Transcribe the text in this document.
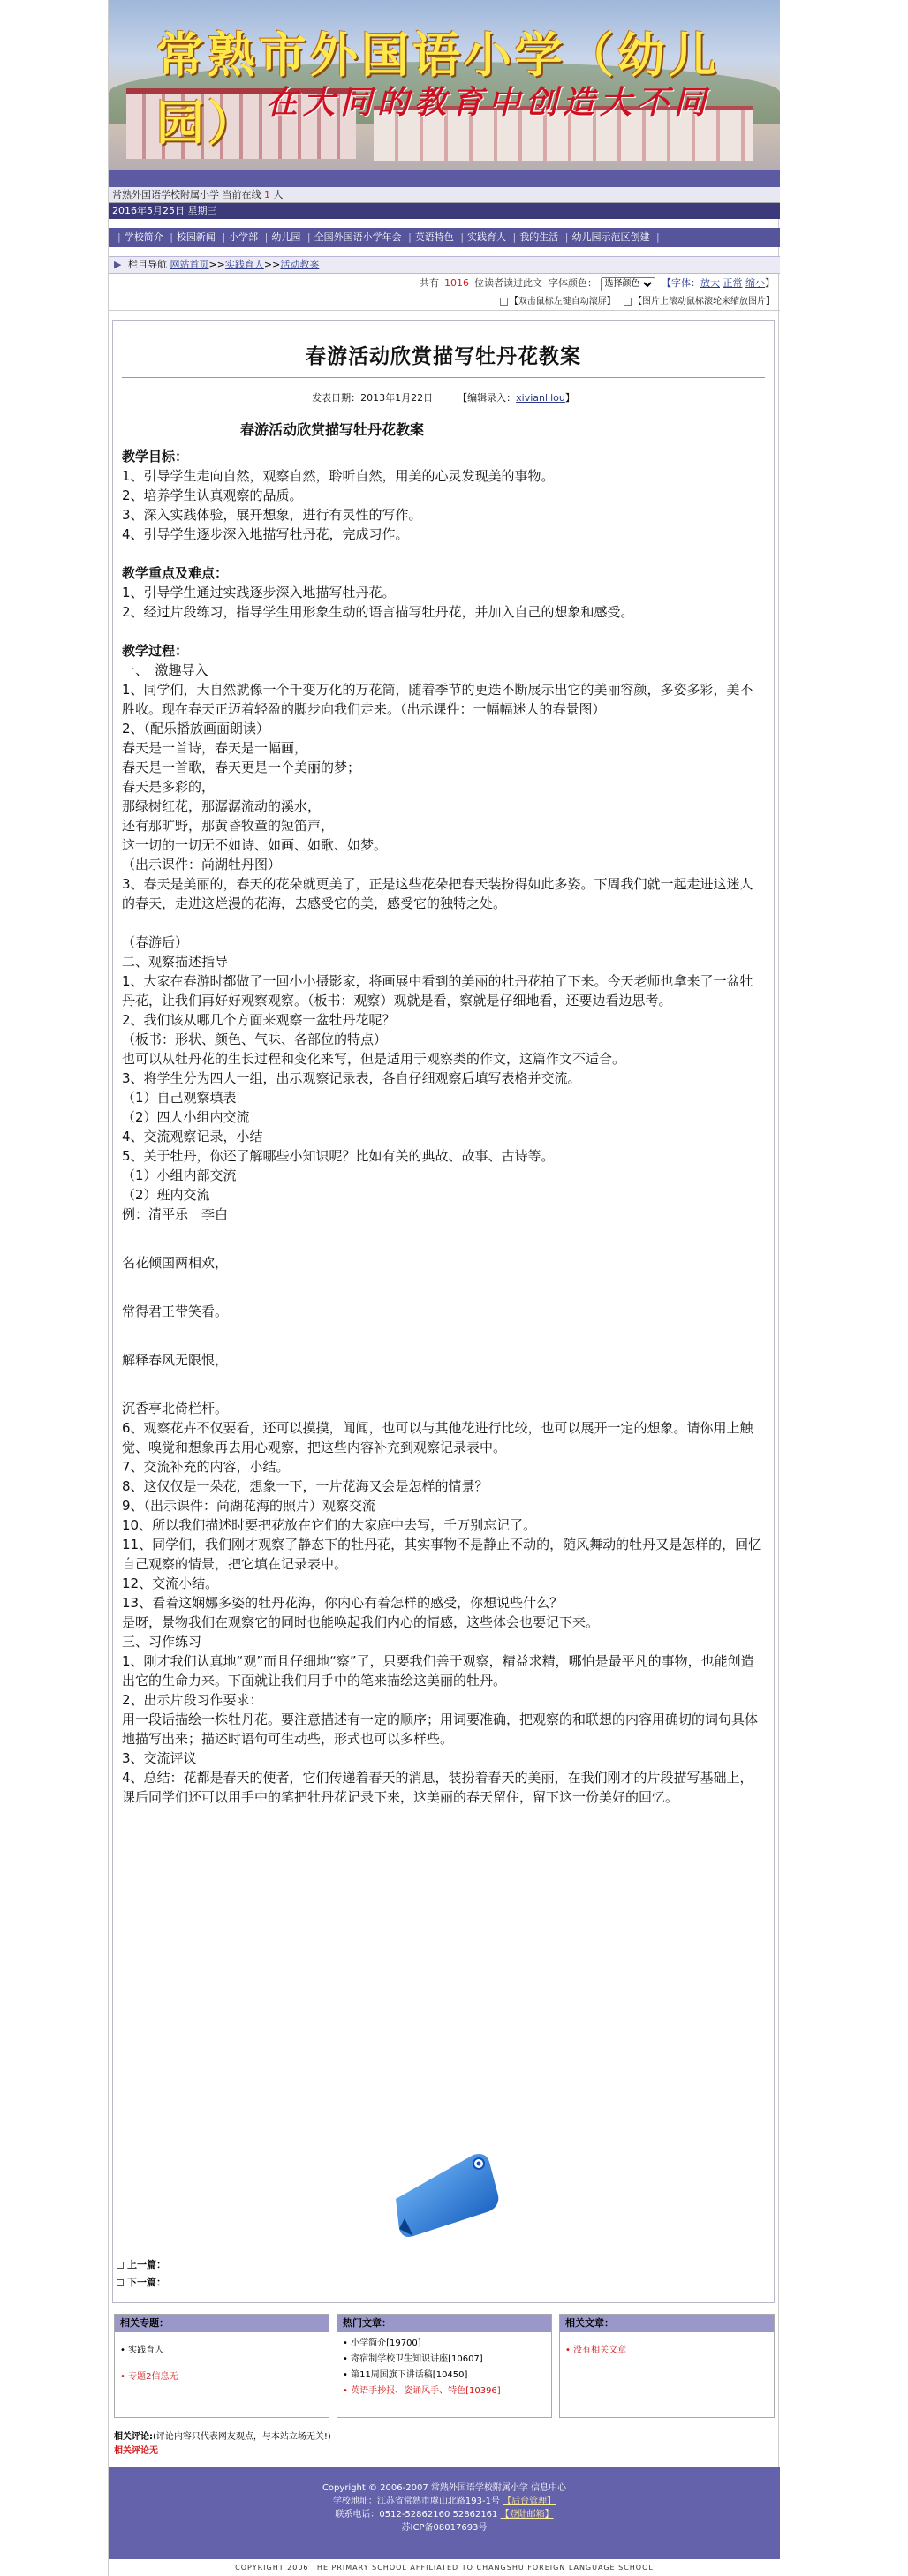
常熟市外国语小学（幼儿园） 在大同的教育中创造大不同
常熟外国语学校附属小学 当前在线 1 人
2016年5月25日 星期三
| 学校简介 | 校园新闻 | 小学部 | 幼儿园 | 全国外国语小学年会 | 英语特色 | 实践育人 | 我的生活 | 幼儿园示范区创建 |
▶ 栏目导航 网站首页>>实践育人>>活动教案
共有 1016 位读者读过此文 字体颜色：
选择颜色	【字体：放大 正常 缩小】
【双击鼠标左键自动滚屏】 【图片上滚动鼠标滚轮来缩放图片】
春游活动欣赏描写牡丹花教案
发表日期：2013年1月22日	【编辑录入：xivianlilou】

春游活动欣赏描写牡丹花教案

教学目标：

1、引导学生走向自然，观察自然，聆听自然，用美的心灵发现美的事物。

2、培养学生认真观察的品质。

3、深入实践体验，展开想象，进行有灵性的写作。

4、引导学生逐步深入地描写牡丹花，完成习作。

教学重点及难点：

1、引导学生通过实践逐步深入地描写牡丹花。

2、经过片段练习，指导学生用形象生动的语言描写牡丹花，并加入自己的想象和感受。

教学过程：

一、　激趣导入

1、同学们，大自然就像一个千变万化的万花筒，随着季节的更迭不断展示出它的美丽容颜，多姿多彩，美不胜收。现在春天正迈着轻盈的脚步向我们走来。（出示课件：一幅幅迷人的春景图）

2、（配乐播放画面朗读）

春天是一首诗，春天是一幅画，

春天是一首歌，春天更是一个美丽的梦；

春天是多彩的，

那绿树红花，那潺潺流动的溪水，

还有那旷野，那黄昏牧童的短笛声，

这一切的一切无不如诗、如画、如歌、如梦。

（出示课件：尚湖牡丹图）

3、春天是美丽的，春天的花朵就更美了，正是这些花朵把春天装扮得如此多姿。下周我们就一起走进这迷人的春天，走进这烂漫的花海，去感受它的美，感受它的独特之处。

（春游后）

二、观察描述指导

1、大家在春游时都做了一回小小摄影家，将画展中看到的美丽的牡丹花拍了下来。今天老师也拿来了一盆牡丹花，让我们再好好观察观察。（板书：观察）观就是看，察就是仔细地看，还要边看边思考。

2、我们该从哪几个方面来观察一盆牡丹花呢？

（板书：形状、颜色、气味、各部位的特点）

也可以从牡丹花的生长过程和变化来写，但是适用于观察类的作文，这篇作文不适合。

3、将学生分为四人一组，出示观察记录表，各自仔细观察后填写表格并交流。

（1）自己观察填表

（2）四人小组内交流

4、交流观察记录，小结

5、关于牡丹，你还了解哪些小知识呢？比如有关的典故、故事、古诗等。

（1）小组内部交流

（2）班内交流

例：清平乐　李白

名花倾国两相欢，

常得君王带笑看。

解释春风无限恨，

沉香亭北倚栏杆。

6、观察花卉不仅要看，还可以摸摸，闻闻，也可以与其他花进行比较，也可以展开一定的想象。请你用上触觉、嗅觉和想象再去用心观察，把这些内容补充到观察记录表中。

7、交流补充的内容，小结。

8、这仅仅是一朵花，想象一下，一片花海又会是怎样的情景？

9、（出示课件：尚湖花海的照片）观察交流

10、所以我们描述时要把花放在它们的大家庭中去写，千万别忘记了。

11、同学们，我们刚才观察了静态下的牡丹花，其实事物不是静止不动的，随风舞动的牡丹又是怎样的，回忆自己观察的情景，把它填在记录表中。

12、交流小结。

13、看着这娴娜多姿的牡丹花海，你内心有着怎样的感受，你想说些什么？

是呀，景物我们在观察它的同时也能唤起我们内心的情感，这些体会也要记下来。

三、习作练习

1、刚才我们认真地“观”而且仔细地“察”了，只要我们善于观察，精益求精，哪怕是最平凡的事物，也能创造出它的生命力来。下面就让我们用手中的笔来描绘这美丽的牡丹。

2、出示片段习作要求：

用一段话描绘一株牡丹花。要注意描述有一定的顺序；用词要准确，把观察的和联想的内容用确切的词句具体地描写出来；描述时语句可生动些，形式也可以多样些。

3、交流评议

4、总结：花都是春天的使者，它们传递着春天的消息，装扮着春天的美丽，在我们刚才的片段描写基础上，课后同学们还可以用手中的笔把牡丹花记录下来，这美丽的春天留住，留下这一份美好的回忆。

上一篇：
下一篇：
相关专题：
• 实践育人
• 专题2信息无
热门文章：
• 小学简介[19700]
• 寄宿制学校卫生知识讲座[10607]
• 第11周国旗下讲话稿[10450]
• 英语手抄报、姿诵风手、特色[10396]
相关文章：
• 没有相关文章
相关评论:(评论内容只代表网友观点，与本站立场无关!)
相关评论无
Copyright © 2006-2007 常熟外国语学校附属小学 信息中心
学校地址：江苏省常熟市虞山北路193-1号 【后台管理】
联系电话：0512-52862160 52862161 【登陆邮箱】
苏ICP备08017693号
COPYRIGHT 2006 THE PRIMARY SCHOOL AFFILIATED TO CHANGSHU FOREIGN LANGUAGE SCHOOL
